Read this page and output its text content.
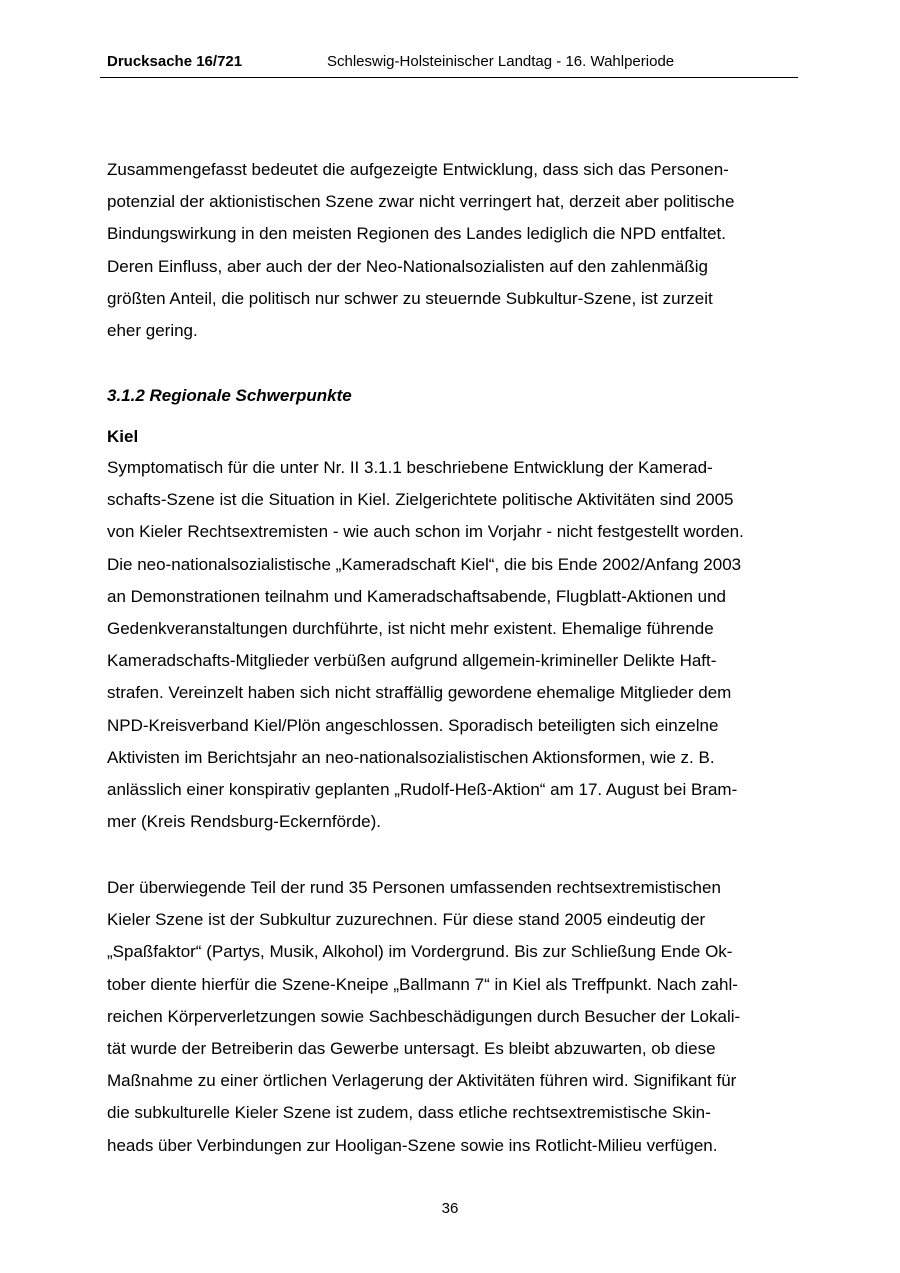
Drucksache 16/721	Schleswig-Holsteinischer Landtag - 16. Wahlperiode
Zusammengefasst bedeutet die aufgezeigte Entwicklung, dass sich das Personen-
potenzial der aktionistischen Szene zwar nicht verringert hat, derzeit aber politische
Bindungswirkung in den meisten Regionen des Landes lediglich die NPD entfaltet.
Deren Einfluss, aber auch der der Neo-Nationalsozialisten auf den zahlenmäßig
größten Anteil, die politisch nur schwer zu steuernde Subkultur-Szene, ist zurzeit
eher gering.
3.1.2 Regionale Schwerpunkte
Kiel
Symptomatisch für die unter Nr. II 3.1.1 beschriebene Entwicklung der Kamerad-
schafts-Szene ist die Situation in Kiel. Zielgerichtete politische Aktivitäten sind 2005
von Kieler Rechtsextremisten - wie auch schon im Vorjahr - nicht festgestellt worden.
Die neo-nationalsozialistische „Kameradschaft Kiel“, die bis Ende 2002/Anfang 2003
an Demonstrationen teilnahm und Kameradschaftsabende, Flugblatt-Aktionen und
Gedenkveranstaltungen durchführte, ist nicht mehr existent. Ehemalige führende
Kameradschafts-Mitglieder verbüßen aufgrund allgemein-krimineller Delikte Haft-
strafen. Vereinzelt haben sich nicht straffällig gewordene ehemalige Mitglieder dem
NPD-Kreisverband Kiel/Plön angeschlossen. Sporadisch beteiligten sich einzelne
Aktivisten im Berichtsjahr an neo-nationalsozialistischen Aktionsformen, wie z. B.
anlässlich einer konspirativ geplanten „Rudolf-Heß-Aktion“ am 17. August bei Bram-
mer (Kreis Rendsburg-Eckernförde).
Der überwiegende Teil der rund 35 Personen umfassenden rechtsextremistischen
Kieler Szene ist der Subkultur zuzurechnen. Für diese stand 2005 eindeutig der
„Spaßfaktor“ (Partys, Musik, Alkohol) im Vordergrund. Bis zur Schließung Ende Ok-
tober diente hierfür die Szene-Kneipe „Ballmann 7“ in Kiel als Treffpunkt. Nach zahl-
reichen Körperverletzungen sowie Sachbeschädigungen durch Besucher der Lokali-
tät wurde der Betreiberin das Gewerbe untersagt. Es bleibt abzuwarten, ob diese
Maßnahme zu einer örtlichen Verlagerung der Aktivitäten führen wird. Signifikant für
die subkulturelle Kieler Szene ist zudem, dass etliche rechtsextremistische Skin-
heads über Verbindungen zur Hooligan-Szene sowie ins Rotlicht-Milieu verfügen.
36
